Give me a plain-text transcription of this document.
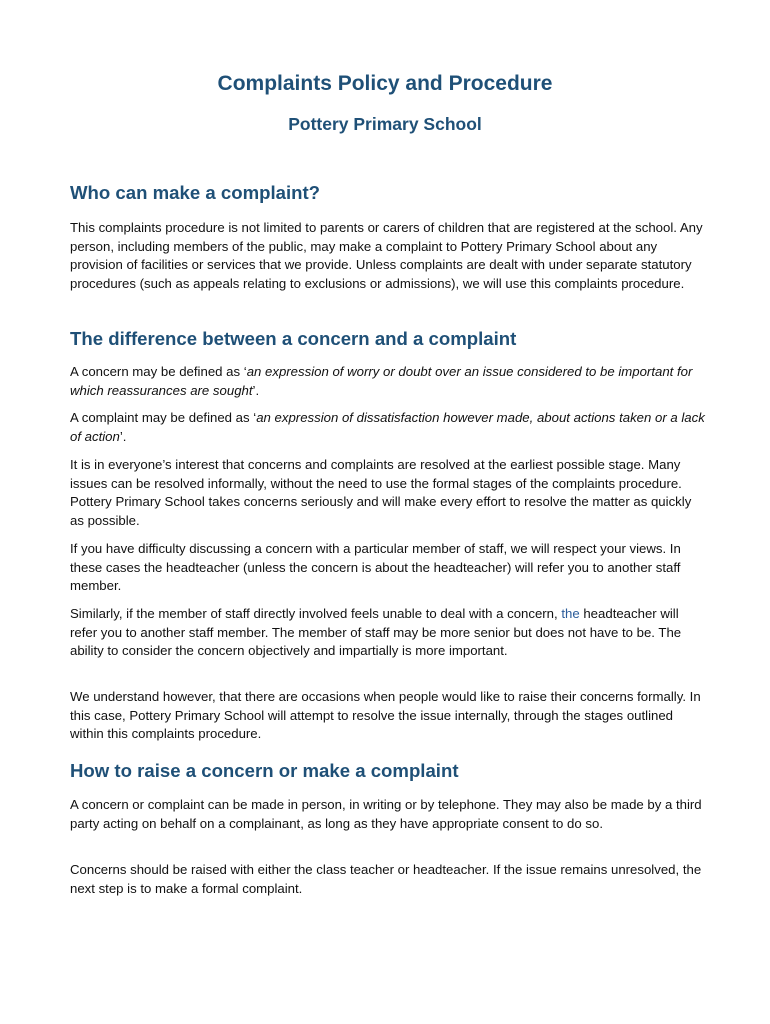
Complaints Policy and Procedure
Pottery Primary School
Who can make a complaint?

This complaints procedure is not limited to parents or carers of children that are registered at the school. Any person, including members of the public, may make a complaint to Pottery Primary School about any provision of facilities or services that we provide. Unless complaints are dealt with under separate statutory procedures (such as appeals relating to exclusions or admissions), we will use this complaints procedure.

The difference between a concern and a complaint

A concern may be defined as ‘an expression of worry or doubt over an issue considered to be important for which reassurances are sought’.

A complaint may be defined as ‘an expression of dissatisfaction however made, about actions taken or a lack of action’.

It is in everyone’s interest that concerns and complaints are resolved at the earliest possible stage. Many issues can be resolved informally, without the need to use the formal stages of the complaints procedure. Pottery Primary School takes concerns seriously and will make every effort to resolve the matter as quickly as possible.

If you have difficulty discussing a concern with a particular member of staff, we will respect your views. In these cases the headteacher (unless the concern is about the headteacher) will refer you to another staff member.

Similarly, if the member of staff directly involved feels unable to deal with a concern, the headteacher will refer you to another staff member. The member of staff may be more senior but does not have to be. The ability to consider the concern objectively and impartially is more important.

We understand however, that there are occasions when people would like to raise their concerns formally. In this case, Pottery Primary School will attempt to resolve the issue internally, through the stages outlined within this complaints procedure.

How to raise a concern or make a complaint

A concern or complaint can be made in person, in writing or by telephone. They may also be made by a third party acting on behalf on a complainant, as long as they have appropriate consent to do so.

Concerns should be raised with either the class teacher or headteacher. If the issue remains unresolved, the next step is to make a formal complaint.
